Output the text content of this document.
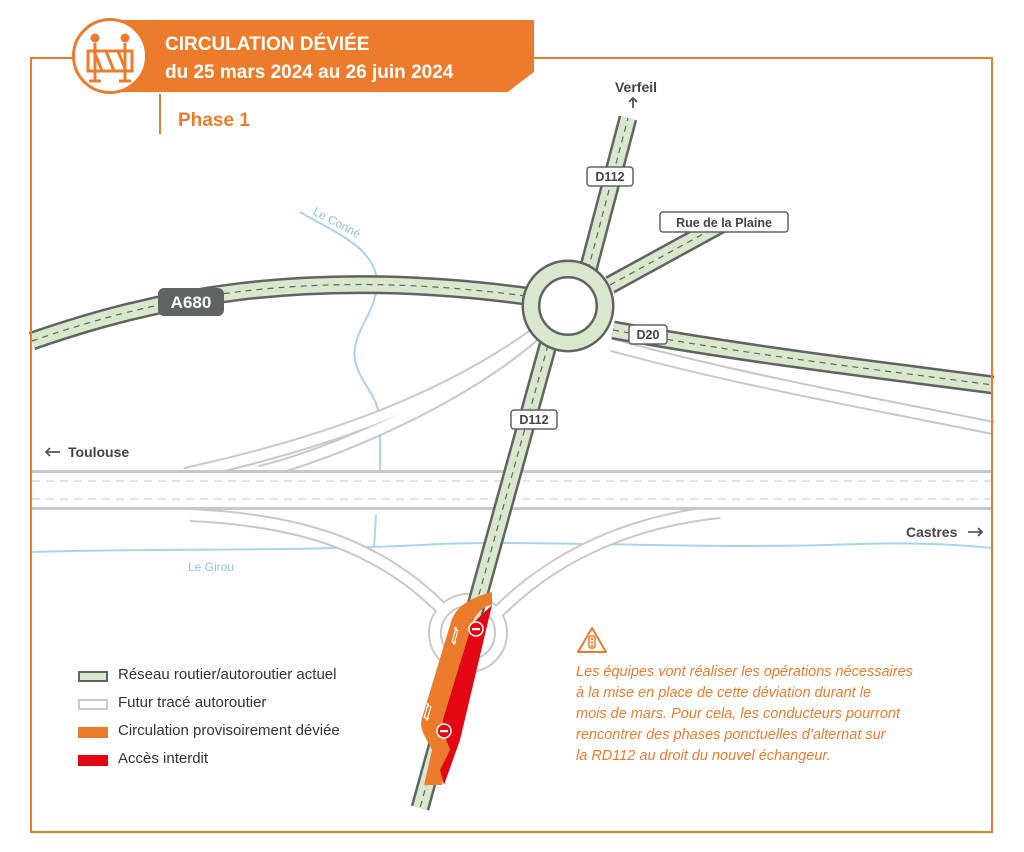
A680
D112
Rue de la Plaine
D20
D112
Verfeil
Toulouse
Castres
Le Conné
Le Girou
CIRCULATION DÉVIÉE
du 25 mars 2024 au 26 juin 2024
Phase 1
Réseau routier/autoroutier actuel
Futur tracé autoroutier
Circulation provisoirement déviée
Accès interdit

Les équipes vont réaliser les opérations nécessaires

à la mise en place de cette déviation durant le

mois de mars. Pour cela, les conducteurs pourront

rencontrer des phases ponctuelles d’alternat sur

la RD112 au droit du nouvel échangeur.
